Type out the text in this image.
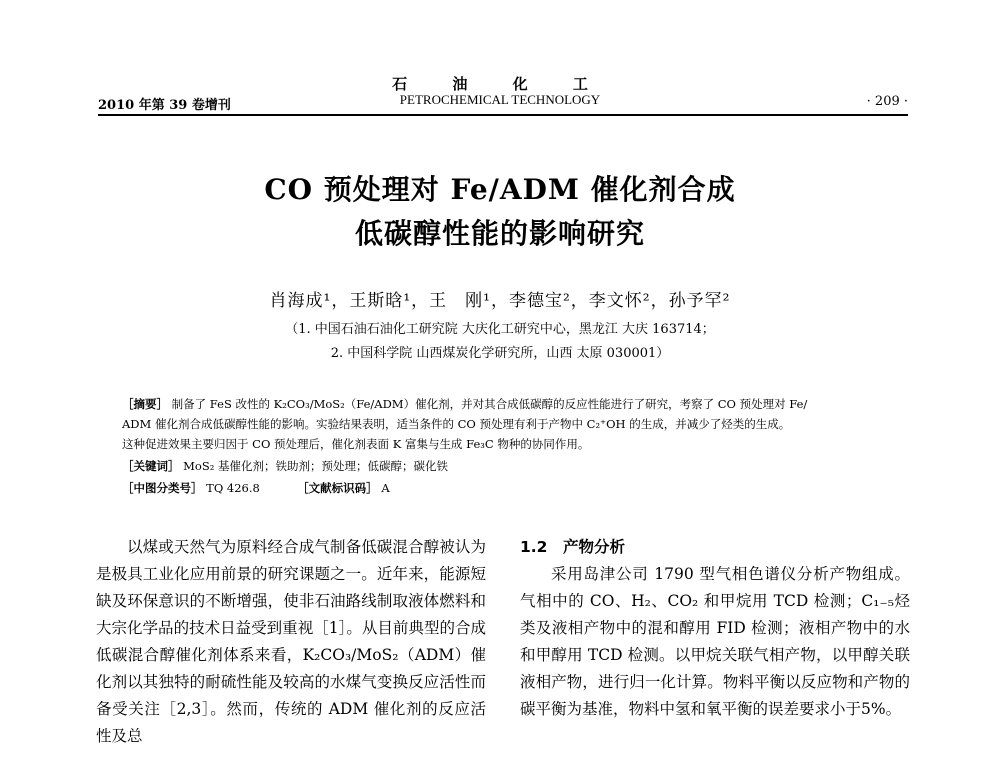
石 油 化 工
2010 年第 39 卷增刊	PETROCHEMICAL TECHNOLOGY	· 209 ·
CO 预处理对 Fe/ADM 催化剂合成
低碳醇性能的影响研究
肖海成¹，王斯晗¹，王　刚¹，李德宝²，李文怀²，孙予罕²
（1. 中国石油石油化工研究院 大庆化工研究中心，黑龙江 大庆 163714；
2. 中国科学院 山西煤炭化学研究所，山西 太原 030001）
［摘要］ 制备了 FeS 改性的 K₂CO₃/MoS₂（Fe/ADM）催化剂，并对其合成低碳醇的反应性能进行了研究，考察了 CO 预处理对 Fe/
ADM 催化剂合成低碳醇性能的影响。实验结果表明，适当条件的 CO 预处理有利于产物中 C₂⁺OH 的生成，并减少了烃类的生成。
这种促进效果主要归因于 CO 预处理后，催化剂表面 K 富集与生成 Fe₃C 物种的协同作用。
［关键词］ MoS₂ 基催化剂；铁助剂；预处理；低碳醇；碳化铁
［中图分类号］ TQ 426.8	［文献标识码］ A
以煤或天然气为原料经合成气制备低碳混合醇被认为是极具工业化应用前景的研究课题之一。近年来，能源短缺及环保意识的不断增强，使非石油路线制取液体燃料和大宗化学品的技术日益受到重视［1］。从目前典型的合成低碳混合醇催化剂体系来看，K₂CO₃/MoS₂（ADM）催化剂以其独特的耐硫性能及较高的水煤气变换反应活性而备受关注［2,3］。然而，传统的 ADM 催化剂的反应活性及总
1.2　产物分析
采用岛津公司 1790 型气相色谱仪分析产物组成。气相中的 CO、H₂、CO₂ 和甲烷用 TCD 检测；C₁₋₅烃类及液相产物中的混和醇用 FID 检测；液相产物中的水和甲醇用 TCD 检测。以甲烷关联气相产物，以甲醇关联液相产物，进行归一化计算。物料平衡以反应物和产物的碳平衡为基准，物料中氢和氧平衡的误差要求小于5%。
